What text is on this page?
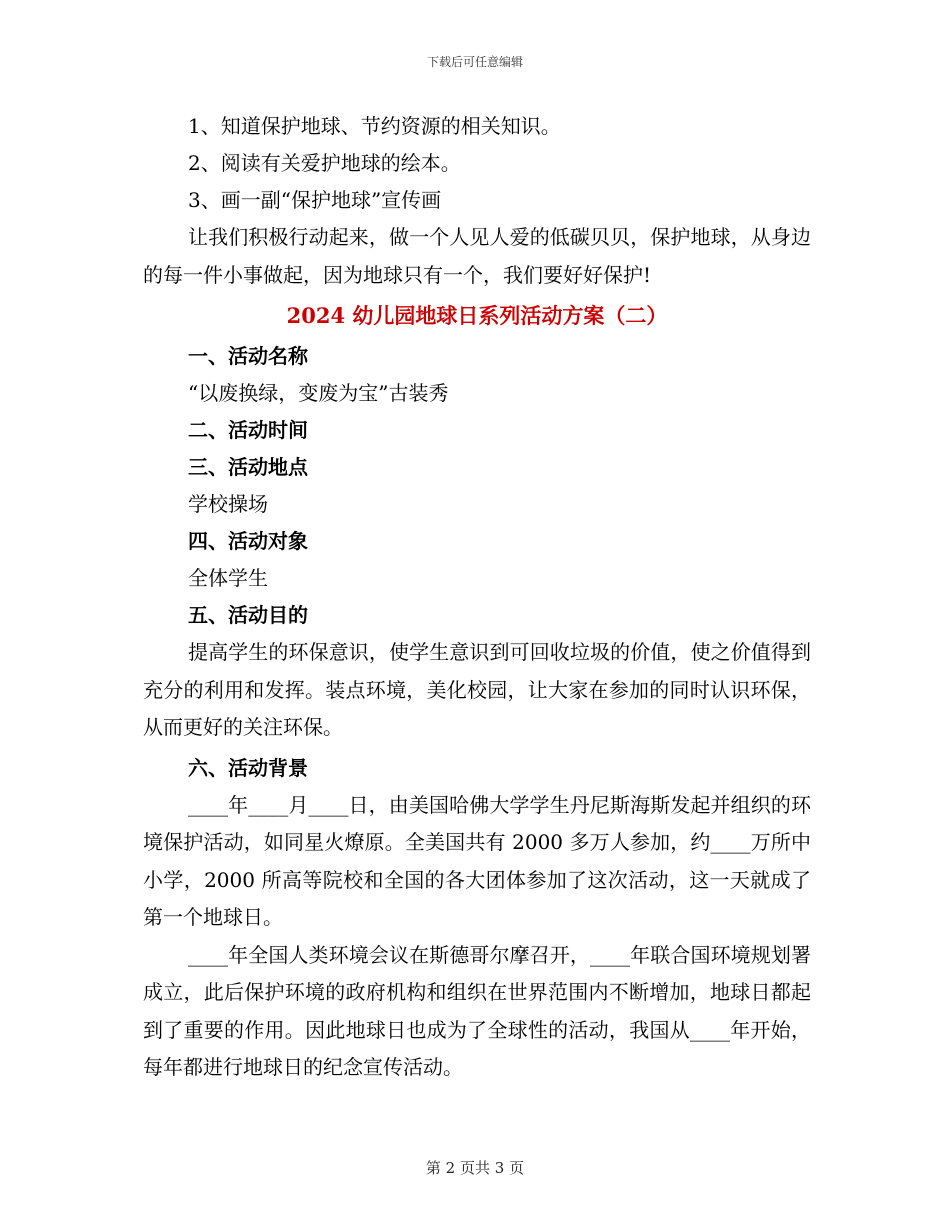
下载后可任意编辑
1、知道保护地球、节约资源的相关知识。
2、阅读有关爱护地球的绘本。
3、画一副“保护地球”宣传画

让我们积极行动起来，做一个人见人爱的低碳贝贝，保护地球，从身边的每一件小事做起，因为地球只有一个，我们要好好保护!

2024 幼儿园地球日系列活动方案（二）
一、活动名称
“以废换绿，变废为宝”古装秀
二、活动时间
三、活动地点
学校操场
四、活动对象
全体学生
五、活动目的

提高学生的环保意识，使学生意识到可回收垃圾的价值，使之价值得到充分的利用和发挥。装点环境，美化校园，让大家在参加的同时认识环保，从而更好的关注环保。

六、活动背景

____年____月____日，由美国哈佛大学学生丹尼斯海斯发起并组织的环境保护活动，如同星火燎原。全美国共有 2000 多万人参加，约____万所中小学，2000 所高等院校和全国的各大团体参加了这次活动，这一天就成了第一个地球日。

____年全国人类环境会议在斯德哥尔摩召开，____年联合国环境规划署成立，此后保护环境的政府机构和组织在世界范围内不断增加，地球日都起到了重要的作用。因此地球日也成为了全球性的活动，我国从____年开始，每年都进行地球日的纪念宣传活动。

第 2 页共 3 页
